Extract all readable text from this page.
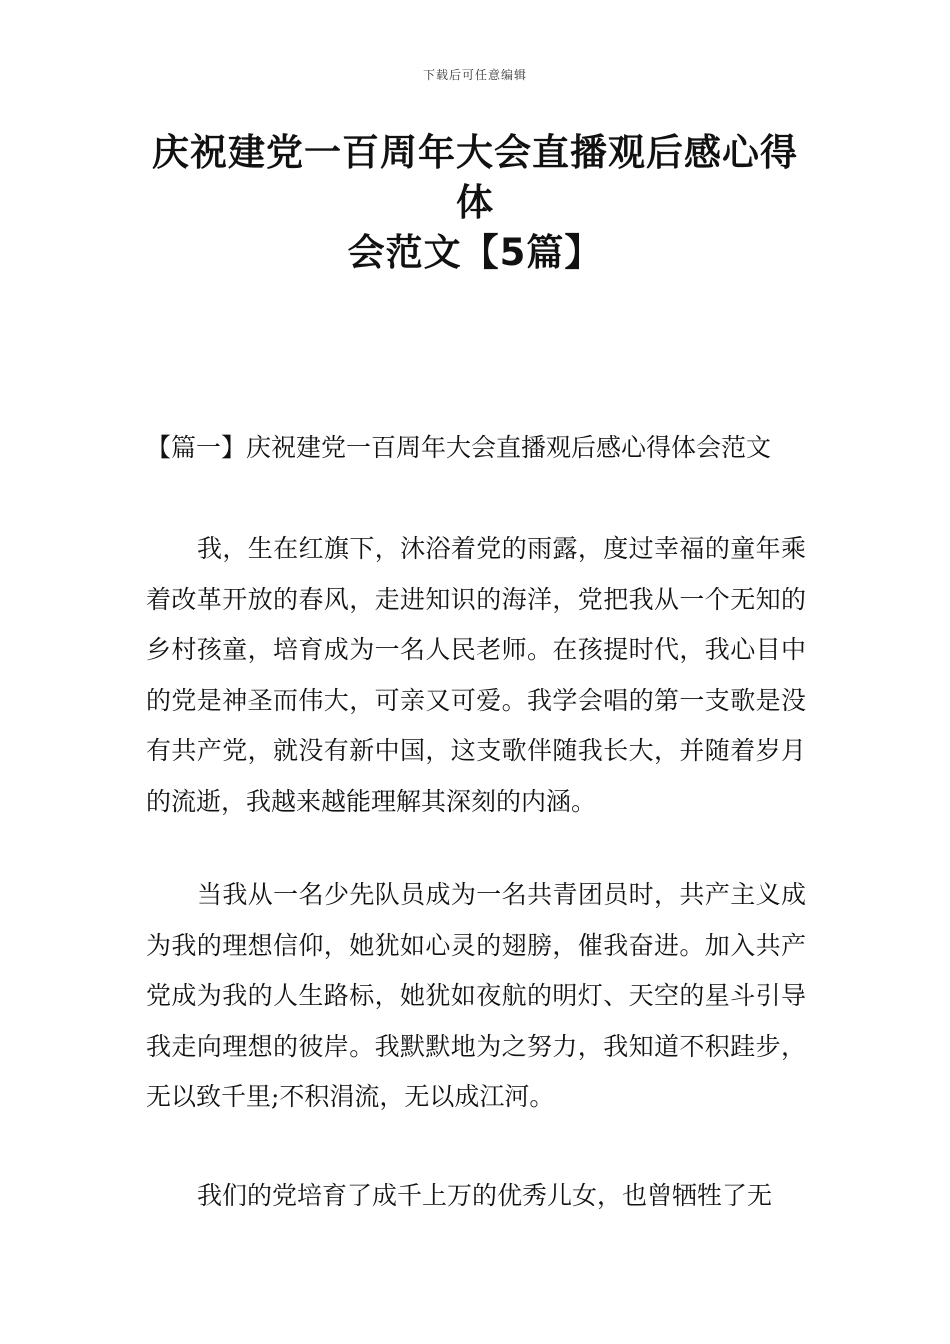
下载后可任意编辑
庆祝建党一百周年大会直播观后感心得体
会范文【5篇】
【篇一】庆祝建党一百周年大会直播观后感心得体会范文

我，生在红旗下，沐浴着党的雨露，度过幸福的童年乘着改革开放的春风，走进知识的海洋，党把我从一个无知的乡村孩童，培育成为一名人民老师。在孩提时代，我心目中的党是神圣而伟大，可亲又可爱。我学会唱的第一支歌是没有共产党，就没有新中国，这支歌伴随我长大，并随着岁月的流逝，我越来越能理解其深刻的内涵。

当我从一名少先队员成为一名共青团员时，共产主义成为我的理想信仰，她犹如心灵的翅膀，催我奋进。加入共产党成为我的人生路标，她犹如夜航的明灯、天空的星斗引导我走向理想的彼岸。我默默地为之努力，我知道不积跬步，无以致千里;不积涓流，无以成江河。

我们的党培育了成千上万的优秀儿女，也曾牺牲了无
